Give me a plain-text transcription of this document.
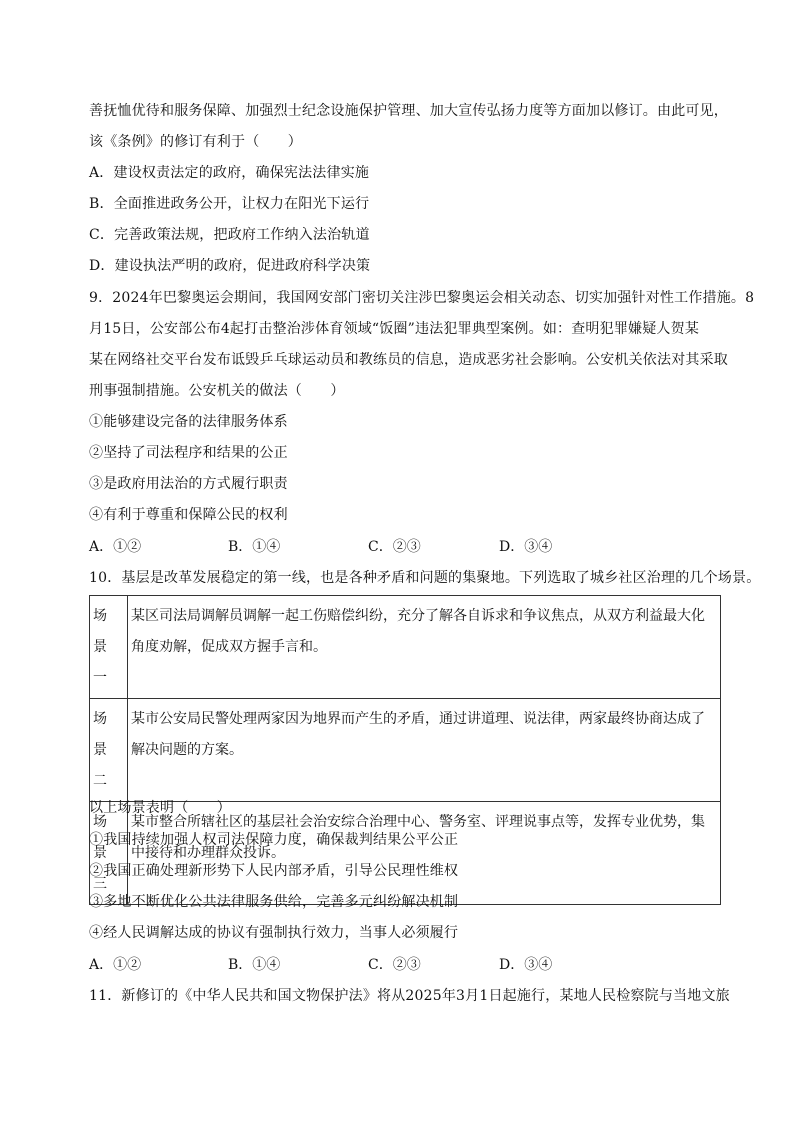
善抚恤优待和服务保障、加强烈士纪念设施保护管理、加大宣传弘扬力度等方面加以修订。由此可见，
该《条例》的修订有利于（　　）
A．建设权责法定的政府，确保宪法法律实施
B．全面推进政务公开，让权力在阳光下运行
C．完善政策法规，把政府工作纳入法治轨道
D．建设执法严明的政府，促进政府科学决策
9．2024年巴黎奥运会期间，我国网安部门密切关注涉巴黎奥运会相关动态、切实加强针对性工作措施。8
月15日，公安部公布4起打击整治涉体育领域“饭圈”违法犯罪典型案例。如：查明犯罪嫌疑人贺某
某在网络社交平台发布诋毁乒乓球运动员和教练员的信息，造成恶劣社会影响。公安机关依法对其采取
刑事强制措施。公安机关的做法（　　）
①能够建设完备的法律服务体系
②坚持了司法程序和结果的公正
③是政府用法治的方式履行职责
④有利于尊重和保障公民的权利
A．①②	B．①④	C．②③	D．③④
10．基层是改革发展稳定的第一线，也是各种矛盾和问题的集聚地。下列选取了城乡社区治理的几个场景。
场景一	某区司法局调解员调解一起工伤赔偿纠纷，充分了解各自诉求和争议焦点，从双方利益最大化角度劝解，促成双方握手言和。
场景二	某市公安局民警处理两家因为地界而产生的矛盾，通过讲道理、说法律，两家最终协商达成了解决问题的方案。
场景三	某市整合所辖社区的基层社会治安综合治理中心、警务室、评理说事点等，发挥专业优势，集中接待和办理群众投诉。
以上场景表明（　　）
①我国持续加强人权司法保障力度，确保裁判结果公平公正
②我国正确处理新形势下人民内部矛盾，引导公民理性维权
③多地不断优化公共法律服务供给，完善多元纠纷解决机制
④经人民调解达成的协议有强制执行效力，当事人必须履行
A．①②	B．①④	C．②③	D．③④
11．新修订的《中华人民共和国文物保护法》将从2025年3月1日起施行，某地人民检察院与当地文旅
